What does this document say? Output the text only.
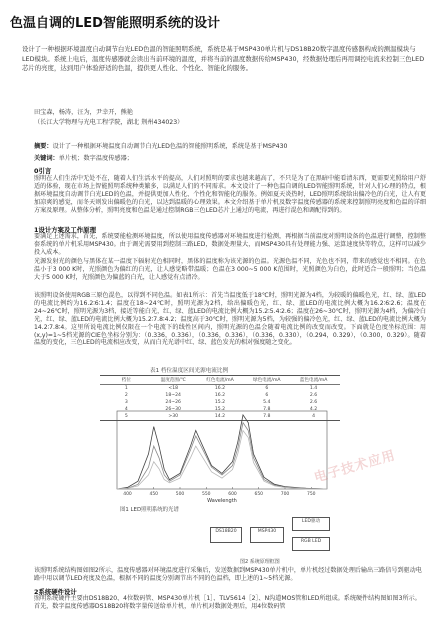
色温自调的LED智能照明系统的设计
设计了一种根据环境温度自动调节白光LED色温的智能照明系统，系统是基于MSP430单片机与DS18B20数字温度传感器构成的测温模块与LED模块。系统上电后，温度传感器就会读出当前环境的温度，并将当前的温度数据传给MSP430，经数据处理后再用调控电流来控制三色LED芯片的亮度，达到用户体验舒适的色温，提供更人性化、个性化、智能化的服务。
田宝森，杨涛，汪为，尹幸开，熊艳
（长江大学物理与光电工程学院，湖北 荆州434023）
摘要：设计了一种根据环境温度自动调节白光LED色温的智能照明系统，系统是基于MSP430
关键词：单片机；数字温度传感器；
0引言
照明在人们生活中无处不在，随着人们生活水平的提高，人们对照明的要求也越来越高了，不只是为了在黑暗中能看清东西，更需要光照给用户舒适的体验，现在市场上智能照明系统种类繁多，以满足人们的不同需求。本文设计了一种色温自调的LED智能照明系统，针对人们心理的特点，根据环境温度自动调节白光LED的色温，并提供更加人性化、个性化和智能化的服务。例如夏天炎热时，LED照明系统给出偏冷色的白光，让人有更加凉爽的感觉，而冬天则发出偏暖色的白光，以达到温暖的心理效果。本文介绍基于单片机及数字温度传感器的系统来控制照明亮度和色温的详细方案及原理。从整体分析，照明亮度和色温是通过控制RGB三色LED芯片上通过的电流，再进行混色和调配得到的。
1设计方案及工作原理
要满足上述需求，首先，系统要能检测环境温度，所以使用温度传感器对环境温度进行检测，再根据当前温度对照明设备的色温进行调整，控制整套系统的单片机采用MSP430。由于调光需要用到控制三路LED，数据处理量大，而MSP430具有处理能力强、运算速度快等特点，这样可以减少投入成本。
光源发射光的颜色与黑体在某一温度下辐射光色相同时，黑体的温度称为该光源的色温。光源色温不同，光色也不同，带来的感觉也不相同。在色温小于3 000 K时，光照颜色为偏红的白光，让人感觉略带温暖；色温在3 000~5 000 K范围时，光照颜色为白色，此时适合一般照明；当色温大于5 000 K时，光照颜色为偏蓝的白光，让人感觉有点清冷。
该照明设备使用RGB三原色混色，以得到不同色温。如表1所示：首先当温度低于18℃时，照明光源为4档，为较暖的偏暖色光，红、绿、蓝LED的电流比例约为16.2∶6∶1.4；温度在18~24℃时，照明光源为2档，给出偏暖色光，红、绿、蓝LED的电流比例大概为16.2∶6∶2.6；温度在24~26℃时，照明光源为3档，接近等能白光，红、绿、蓝LED的电流比例大概为15.2∶5.4∶2.6；温度在26~30℃时，照明光源为4档，为偏冷白光，红、绿、蓝LED的电流比例大概为15.2∶7.8∶4.2；温度高于30℃时，照明光源为5档，为较强的偏冷色光，红、绿、蓝LED的电流比例大概为14.2∶7.8∶4。这里所说电流比例仅限在一个电流下的线性区间内，照明光源的色温会随着电流比例的改变而改变。下面就是色度坐标范围：用(x,y)=1~5档光源的CIE色坐标分别为：（0.336，0.336），（0.336，0.336），（0.336，0.330），（0.294，0.329），（0.300，0.329）。随着温度的变化，三色LED的电流相应改变，从而白光光谱中红、绿、蓝色发光的相对强度随之变化。
表1 档位温度区间光源电流比例
档位	温度范围/℃	红色电流/mA	绿色电流/mA	蓝色电流/mA
1	<18	16.2	6	1.4
2	18~24	16.2	6	2.6
3	24~26	15.2	5.4	2.6
4	26~30	15.2	7.8	4.2
5	>30	14.2	7.8	4
400	450	500	550	600	650	700	750
Wavelength
图1 LED照明系统的光谱
电子技术应用
DS18B20	MSP430
LED驱动
RGB LED
图2 系统原理框图
该照明系统结构图如图2所示，温度传感器对环境温度进行采集后，发送数据到MSP430单片机中，单片机经过数据处理后输出三路信号到驱动电路中用以调节LED亮度及色温，根据不同的温度分别调节出不同的色温档，即上述的1~5档光源。
2系统硬件设计
照明系统硬件主要由DS18B20、4位数码管、MSP430单片机［1］、TLV5614［2］、N沟道MOS管和LED所组成。系统硬件结构图如图3所示。首先，数字温度传感器DS18B20将数字量传送给单片机，单片机对数据处理后，用4位数码管
